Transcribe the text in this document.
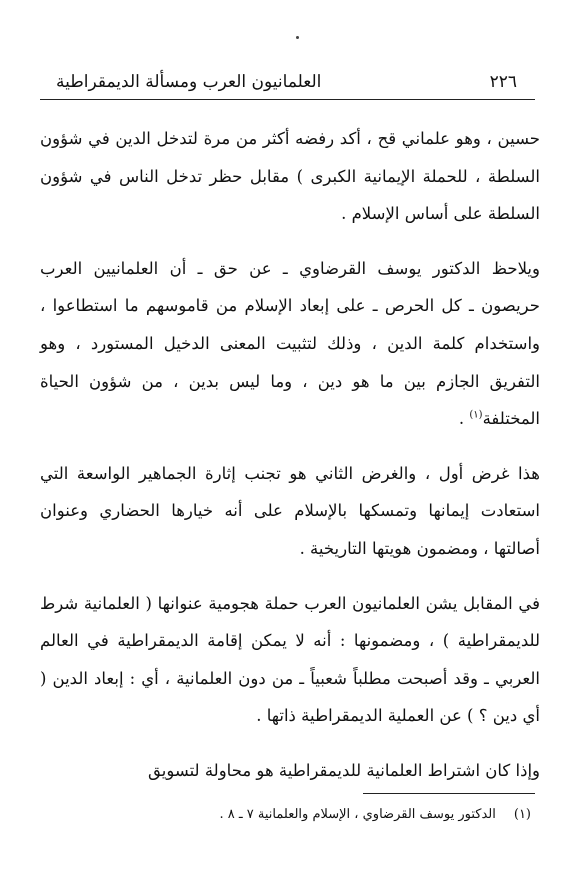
العلمانيون العرب ومسألة الديمقراطية	٢٢٦

حسين ، وهو علماني قح ، أكد رفضه أكثر من مرة لتدخل الدين في شؤون السلطة ، للحملة الإيمانية الكبرى ) مقابل حظر تدخل الناس في شؤون السلطة على أساس الإسلام .

ويلاحظ الدكتور يوسف القرضاوي ـ عن حق ـ أن العلمانيين العرب حريصون ـ كل الحرص ـ على إبعاد الإسلام من قاموسهم ما استطاعوا ، واستخدام كلمة الدين ، وذلك لتثبيت المعنى الدخيل المستورد ، وهو التفريق الجازم بين ما هو دين ، وما ليس بدين ، من شؤون الحياة المختلفة$^{(١)}$ .

هذا غرض أول ، والغرض الثاني هو تجنب إثارة الجماهير الواسعة التي استعادت إيمانها وتمسكها بالإسلام على أنه خيارها الحضاري وعنوان أصالتها ، ومضمون هويتها التاريخية .

في المقابل يشن العلمانيون العرب حملة هجومية عنوانها ( العلمانية شرط للديمقراطية ) ، ومضمونها : أنه لا يمكن إقامة الديمقراطية في العالم العربي ـ وقد أصبحت مطلباً شعبياً ـ من دون العلمانية ، أي : إبعاد الدين ( أي دين ؟ ) عن العملية الديمقراطية ذاتها .

وإذا كان اشتراط العلمانية للديمقراطية هو محاولة لتسويق

(١)الدكتور يوسف القرضاوي ، الإسلام والعلمانية ٧ ـ ٨ .
